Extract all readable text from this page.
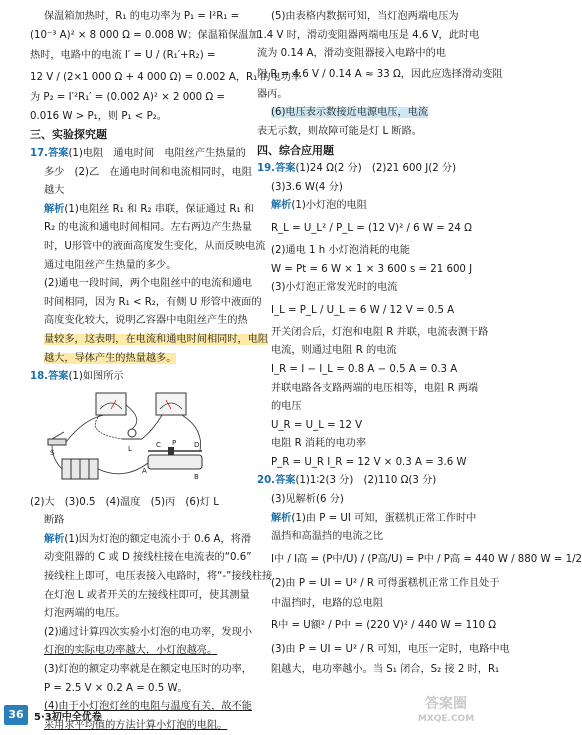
保温箱加热时，R₁ 的电功率为 P₁ = I²R₁ =
(10⁻³ A)² × 8 000 Ω = 0.008 W；保温箱保温加
热时，电路中的电流 I′ = U / (R₁′+R₂) =
12 V / (2×1 000 Ω + 4 000 Ω) = 0.002 A，R₁ 的电功率
为 P₂ = I′²R₁′ = (0.002 A)² × 2 000 Ω =
0.016 W > P₁，则 P₁ < P₂。
三、实验探究题
17.答案(1)电阻　通电时间　电阻丝产生热量的
多少　(2)乙　在通电时间和电流相同时，电阻
越大
解析(1)电阻丝 R₁ 和 R₂ 串联，保证通过 R₁ 和
R₂ 的电流和通电时间相同。左右两边产生热量
时，U形管中的液面高度发生变化，从而反映电流
通过电阻丝产生热量的多少。
(2)通电一段时间，两个电阻丝中的电流和通电
时间相同，因为 R₁ < R₂，有侧 U 形管中液面的
高度变化较大，说明乙容器中电阻丝产生的热
量较多，这表明，在电流和通电时间相同时，电阻
越大，导体产生的热量越多。
18.答案(1)如图所示
S	L
A
B
C	D
P
(2)大　(3)0.5　(4)温度　(5)丙　(6)灯 L
断路
解析(1)因为灯泡的额定电流小于 0.6 A，将滑
动变阻器的 C 或 D 接线柱接在电流表的“0.6”
接线柱上即可，电压表接入电路时，将“-”接线柱接
在灯泡 L 或者开关的左接线柱即可，使其测量
灯泡两端的电压。
(2)通过计算四次实验小灯泡的电功率，发现小
灯泡的实际电功率越大，小灯泡越亮。
(3)灯泡的额定功率就是在额定电压时的功率，
P = 2.5 V × 0.2 A = 0.5 W。
(4)由于小灯泡灯丝的电阻与温度有关，故不能
采用求平均值的方法计算小灯泡的电阻。
(5)由表格内数据可知，当灯泡两端电压为
1.4 V 时，滑动变阻器两端电压是 4.6 V，此时电
流为 0.14 A，滑动变阻器接入电路中的电
阻 R = 4.6 V / 0.14 A ≈ 33 Ω，因此应选择滑动变阻
器丙。
(6)电压表示数接近电源电压，电流
表无示数，则故障可能是灯 L 断路。
四、综合应用题
19.答案(1)24 Ω(2 分)　(2)21 600 J(2 分)
(3)3.6 W(4 分)
解析(1)小灯泡的电阻
R_L = U_L² / P_L = (12 V)² / 6 W = 24 Ω
(2)通电 1 h 小灯泡消耗的电能
W = Pt = 6 W × 1 × 3 600 s = 21 600 J
(3)小灯泡正常发光时的电流
I_L = P_L / U_L = 6 W / 12 V = 0.5 A
开关闭合后，灯泡和电阻 R 并联，电流表测干路
电流，则通过电阻 R 的电流
I_R = I − I_L = 0.8 A − 0.5 A = 0.3 A
并联电路各支路两端的电压相等，电阻 R 两端
的电压
U_R = U_L = 12 V
电阻 R 消耗的电功率
P_R = U_R I_R = 12 V × 0.3 A = 3.6 W
20.答案(1)1∶2(3 分)　(2)110 Ω(3 分)
(3)见解析(6 分)
解析(1)由 P = UI 可知，蛋糕机正常工作时中
温挡和高温挡的电流之比
I中 / I高 = (P中/U) / (P高/U) = P中 / P高 = 440 W / 880 W = 1/2
(2)由 P = UI = U² / R 可得蛋糕机正常工作且处于
中温挡时，电路的总电阻
R中 = U额² / P中 = (220 V)² / 440 W = 110 Ω
(3)由 P = UI = U² / R 可知，电压一定时，电路中电
阻越大，电功率越小。当 S₁ 闭合，S₂ 接 2 时，R₁
36	5·3初中全优卷
答案圈
MXQE.COM
